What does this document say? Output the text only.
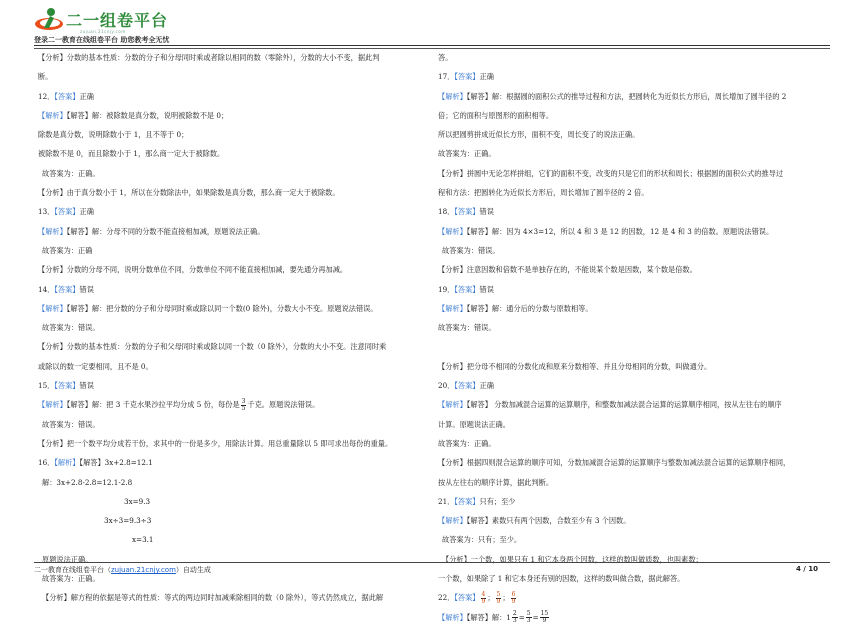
二一组卷平台
zujuan.21cnjy.com
登录二一教育在线组卷平台 助您教考全无忧
【分析】分数的基本性质：分数的分子和分母同时乘或者除以相同的数（零除外），分数的大小不变，据此判
断。
12．【答案】正确
【解析】【解答】解：被除数是真分数，说明被除数不是 0；
除数是真分数，说明除数小于 1，且不等于 0；
被除数不是 0，而且除数小于 1，那么商一定大于被除数。
故答案为：正确。
【分析】由于真分数小于 1，所以在分数除法中，如果除数是真分数，那么商一定大于被除数。
13．【答案】正确
【解析】【解答】解：分母不同的分数不能直接相加减，原题说法正确。
故答案为：正确
【分析】分数的分母不同，说明分数单位不同，分数单位不同不能直接相加减，要先通分再加减。
14．【答案】错误
【解析】【解答】解：把分数的分子和分母同时乘或除以同一个数(0 除外)，分数大小不变。原题说法错误。
故答案为：错误。
【分析】分数的基本性质：分数的分子和父母同时乘或除以同一个数（0 除外），分数的大小不变。注意同时乘
或除以的数一定要相同，且不是 0。
15．【答案】错误
【解析】【解答】解：把 3 千克水果沙拉平均分成 5 份，每份是 $\frac{3}{5}$ 千克。原题说法错误。
故答案为：错误。
【分析】把一个数平均分成若干份，求其中的一份是多少，用除法计算。用总重量除以 5 即可求出每份的重量。
16．【解析】【解答】3x+2.8=12.1
解：3x+2.8-2.8=12.1-2.8
3x=9.3
3x÷3=9.3÷3
x=3.1
原题说法正确。
故答案为：正确。
【分析】解方程的依据是等式的性质：等式的两边同时加减乘除相同的数（0 除外），等式仍然成立，据此解
答。
17．【答案】正确
【解析】【解答】解：根据圆的面积公式的推导过程和方法，把圆转化为近似长方形后，周长增加了圆半径的 2
倍；它的面积与原图形的面积相等。
所以把圆剪拼成近似长方形，面积不变，周长变了的说法正确。
故答案为：正确。
【分析】拼圆中无论怎样拼组，它们的面积不变，改变的只是它们的形状和周长；根据圆的面积公式的推导过
程和方法：把圆转化为近似长方形后，周长增加了圆半径的 2 倍。
18．【答案】错误
【解析】【解答】解：因为 4×3=12，所以 4 和 3 是 12 的因数，12 是 4 和 3 的倍数。原题说法错误。
故答案为：错误。
【分析】注意因数和倍数不是单独存在的，不能说某个数是因数，某个数是倍数。
19．【答案】错误
【解析】【解答】解：通分后的分数与原数相等。
故答案为：错误。

【分析】把分母不相同的分数化成和原来分数相等、并且分母相同的分数，叫做通分。
20．【答案】正确
【解析】【解答】 分数加减混合运算的运算顺序，和整数加减法混合运算的运算顺序相同，按从左往右的顺序
计算。原题说法正确。
故答案为：正确。
【分析】根据四则混合运算的顺序可知，分数加减混合运算的运算顺序与整数加减法混合运算的运算顺序相同，
按从左往右的顺序计算，据此判断。
21．【答案】只有；至少
【解析】【解答】素数只有两个因数，合数至少有 3 个因数。
故答案为：只有；至少。
【分析】一个数，如果只有 1 和它本身两个因数，这样的数叫做质数，也叫素数；
一个数，如果除了 1 和它本身还有别的因数，这样的数叫做合数，据此解答。
22．【答案】 $\frac{4}{9}$ ； $\frac{5}{9}$ ； $\frac{6}{9}$
【解析】【解答】解：$1 \frac{2}{3} = \frac{5}{3} = \frac{15}{9}$
二一教育在线组卷平台（zujuan.21cnjy.com）自动生成	4 / 10
